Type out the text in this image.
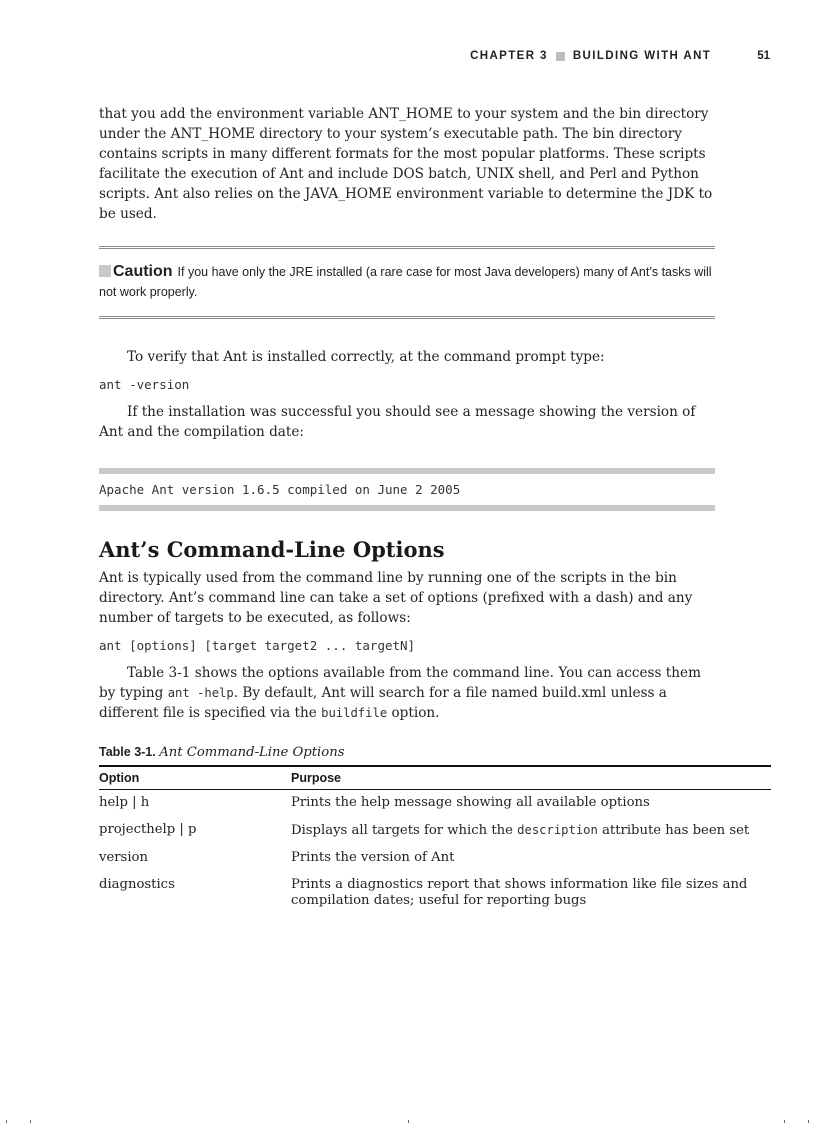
CHAPTER 3 BUILDING WITH ANT	51

that you add the environment variable ANT_HOME to your system and the bin directory under the ANT_HOME directory to your system’s executable path. The bin directory contains scripts in many different formats for the most popular platforms. These scripts facilitate the execution of Ant and include DOS batch, UNIX shell, and Perl and Python scripts. Ant also relies on the JAVA_HOME environment variable to determine the JDK to be used.

Caution If you have only the JRE installed (a rare case for most Java developers) many of Ant’s tasks will not work properly.

To verify that Ant is installed correctly, at the command prompt type:

ant -version

If the installation was successful you should see a message showing the version of Ant and the compilation date:

Apache Ant version 1.6.5 compiled on June 2 2005
Ant’s Command-Line Options

Ant is typically used from the command line by running one of the scripts in the bin directory. Ant’s command line can take a set of options (prefixed with a dash) and any number of targets to be executed, as follows:

ant [options] [target target2 ... targetN]

Table 3-1 shows the options available from the command line. You can access them by typing ant -help. By default, Ant will search for a file named build.xml unless a different file is specified via the buildfile option.

Table 3-1. Ant Command-Line Options
Option	Purpose
help | h	Prints the help message showing all available options
projecthelp | p	Displays all targets for which the description attribute has been set
version	Prints the version of Ant
diagnostics	Prints a diagnostics report that shows information like file sizes and compilation dates; useful for reporting bugs
